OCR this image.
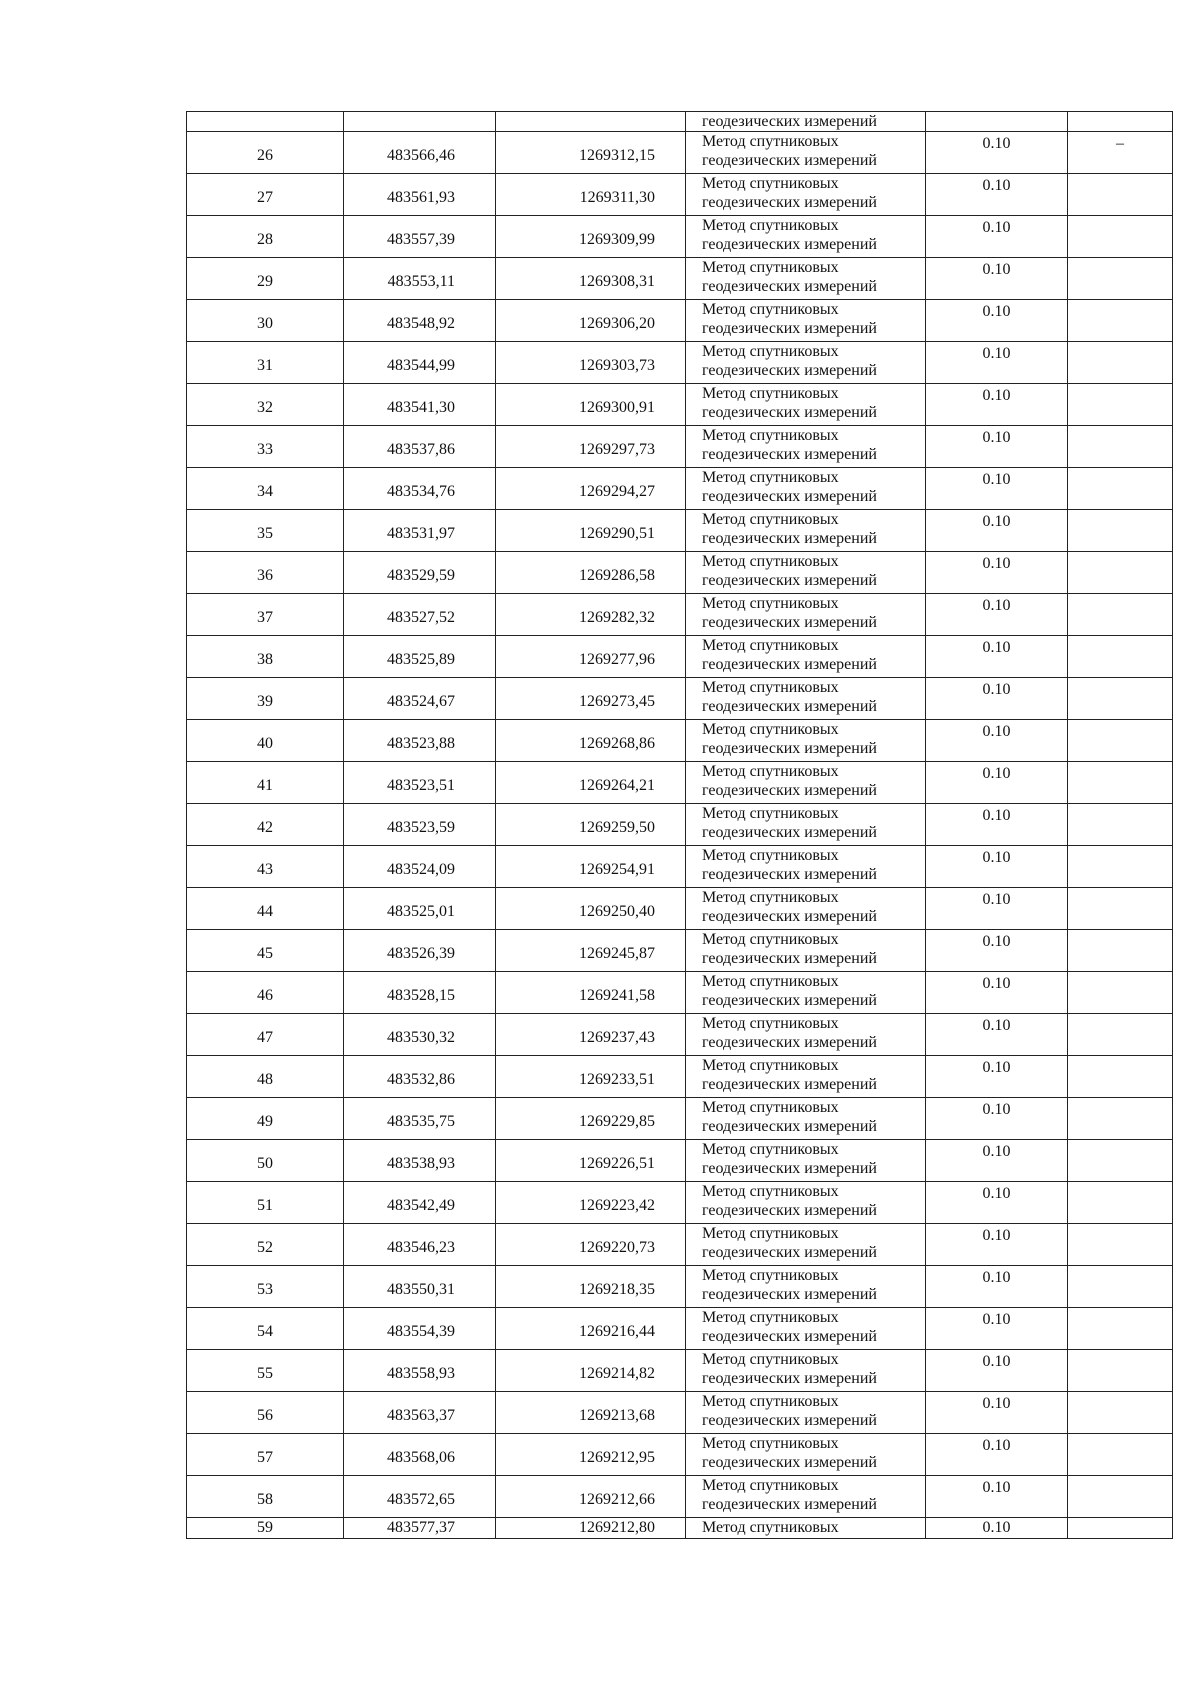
			геодезических измерений		

26	483566,46	1269312,15	Метод спутниковых
геодезических измерений	0.10	–

27	483561,93	1269311,30	Метод спутниковых
геодезических измерений	0.10	

28	483557,39	1269309,99	Метод спутниковых
геодезических измерений	0.10	

29	483553,11	1269308,31	Метод спутниковых
геодезических измерений	0.10	

30	483548,92	1269306,20	Метод спутниковых
геодезических измерений	0.10	

31	483544,99	1269303,73	Метод спутниковых
геодезических измерений	0.10	

32	483541,30	1269300,91	Метод спутниковых
геодезических измерений	0.10	

33	483537,86	1269297,73	Метод спутниковых
геодезических измерений	0.10	

34	483534,76	1269294,27	Метод спутниковых
геодезических измерений	0.10	

35	483531,97	1269290,51	Метод спутниковых
геодезических измерений	0.10	

36	483529,59	1269286,58	Метод спутниковых
геодезических измерений	0.10	

37	483527,52	1269282,32	Метод спутниковых
геодезических измерений	0.10	

38	483525,89	1269277,96	Метод спутниковых
геодезических измерений	0.10	

39	483524,67	1269273,45	Метод спутниковых
геодезических измерений	0.10	

40	483523,88	1269268,86	Метод спутниковых
геодезических измерений	0.10	

41	483523,51	1269264,21	Метод спутниковых
геодезических измерений	0.10	

42	483523,59	1269259,50	Метод спутниковых
геодезических измерений	0.10	

43	483524,09	1269254,91	Метод спутниковых
геодезических измерений	0.10	

44	483525,01	1269250,40	Метод спутниковых
геодезических измерений	0.10	

45	483526,39	1269245,87	Метод спутниковых
геодезических измерений	0.10	

46	483528,15	1269241,58	Метод спутниковых
геодезических измерений	0.10	

47	483530,32	1269237,43	Метод спутниковых
геодезических измерений	0.10	

48	483532,86	1269233,51	Метод спутниковых
геодезических измерений	0.10	

49	483535,75	1269229,85	Метод спутниковых
геодезических измерений	0.10	

50	483538,93	1269226,51	Метод спутниковых
геодезических измерений	0.10	

51	483542,49	1269223,42	Метод спутниковых
геодезических измерений	0.10	

52	483546,23	1269220,73	Метод спутниковых
геодезических измерений	0.10	

53	483550,31	1269218,35	Метод спутниковых
геодезических измерений	0.10	

54	483554,39	1269216,44	Метод спутниковых
геодезических измерений	0.10	

55	483558,93	1269214,82	Метод спутниковых
геодезических измерений	0.10	

56	483563,37	1269213,68	Метод спутниковых
геодезических измерений	0.10	

57	483568,06	1269212,95	Метод спутниковых
геодезических измерений	0.10	

58	483572,65	1269212,66	Метод спутниковых
геодезических измерений	0.10	

59	483577,37	1269212,80	Метод спутниковых	0.10	
